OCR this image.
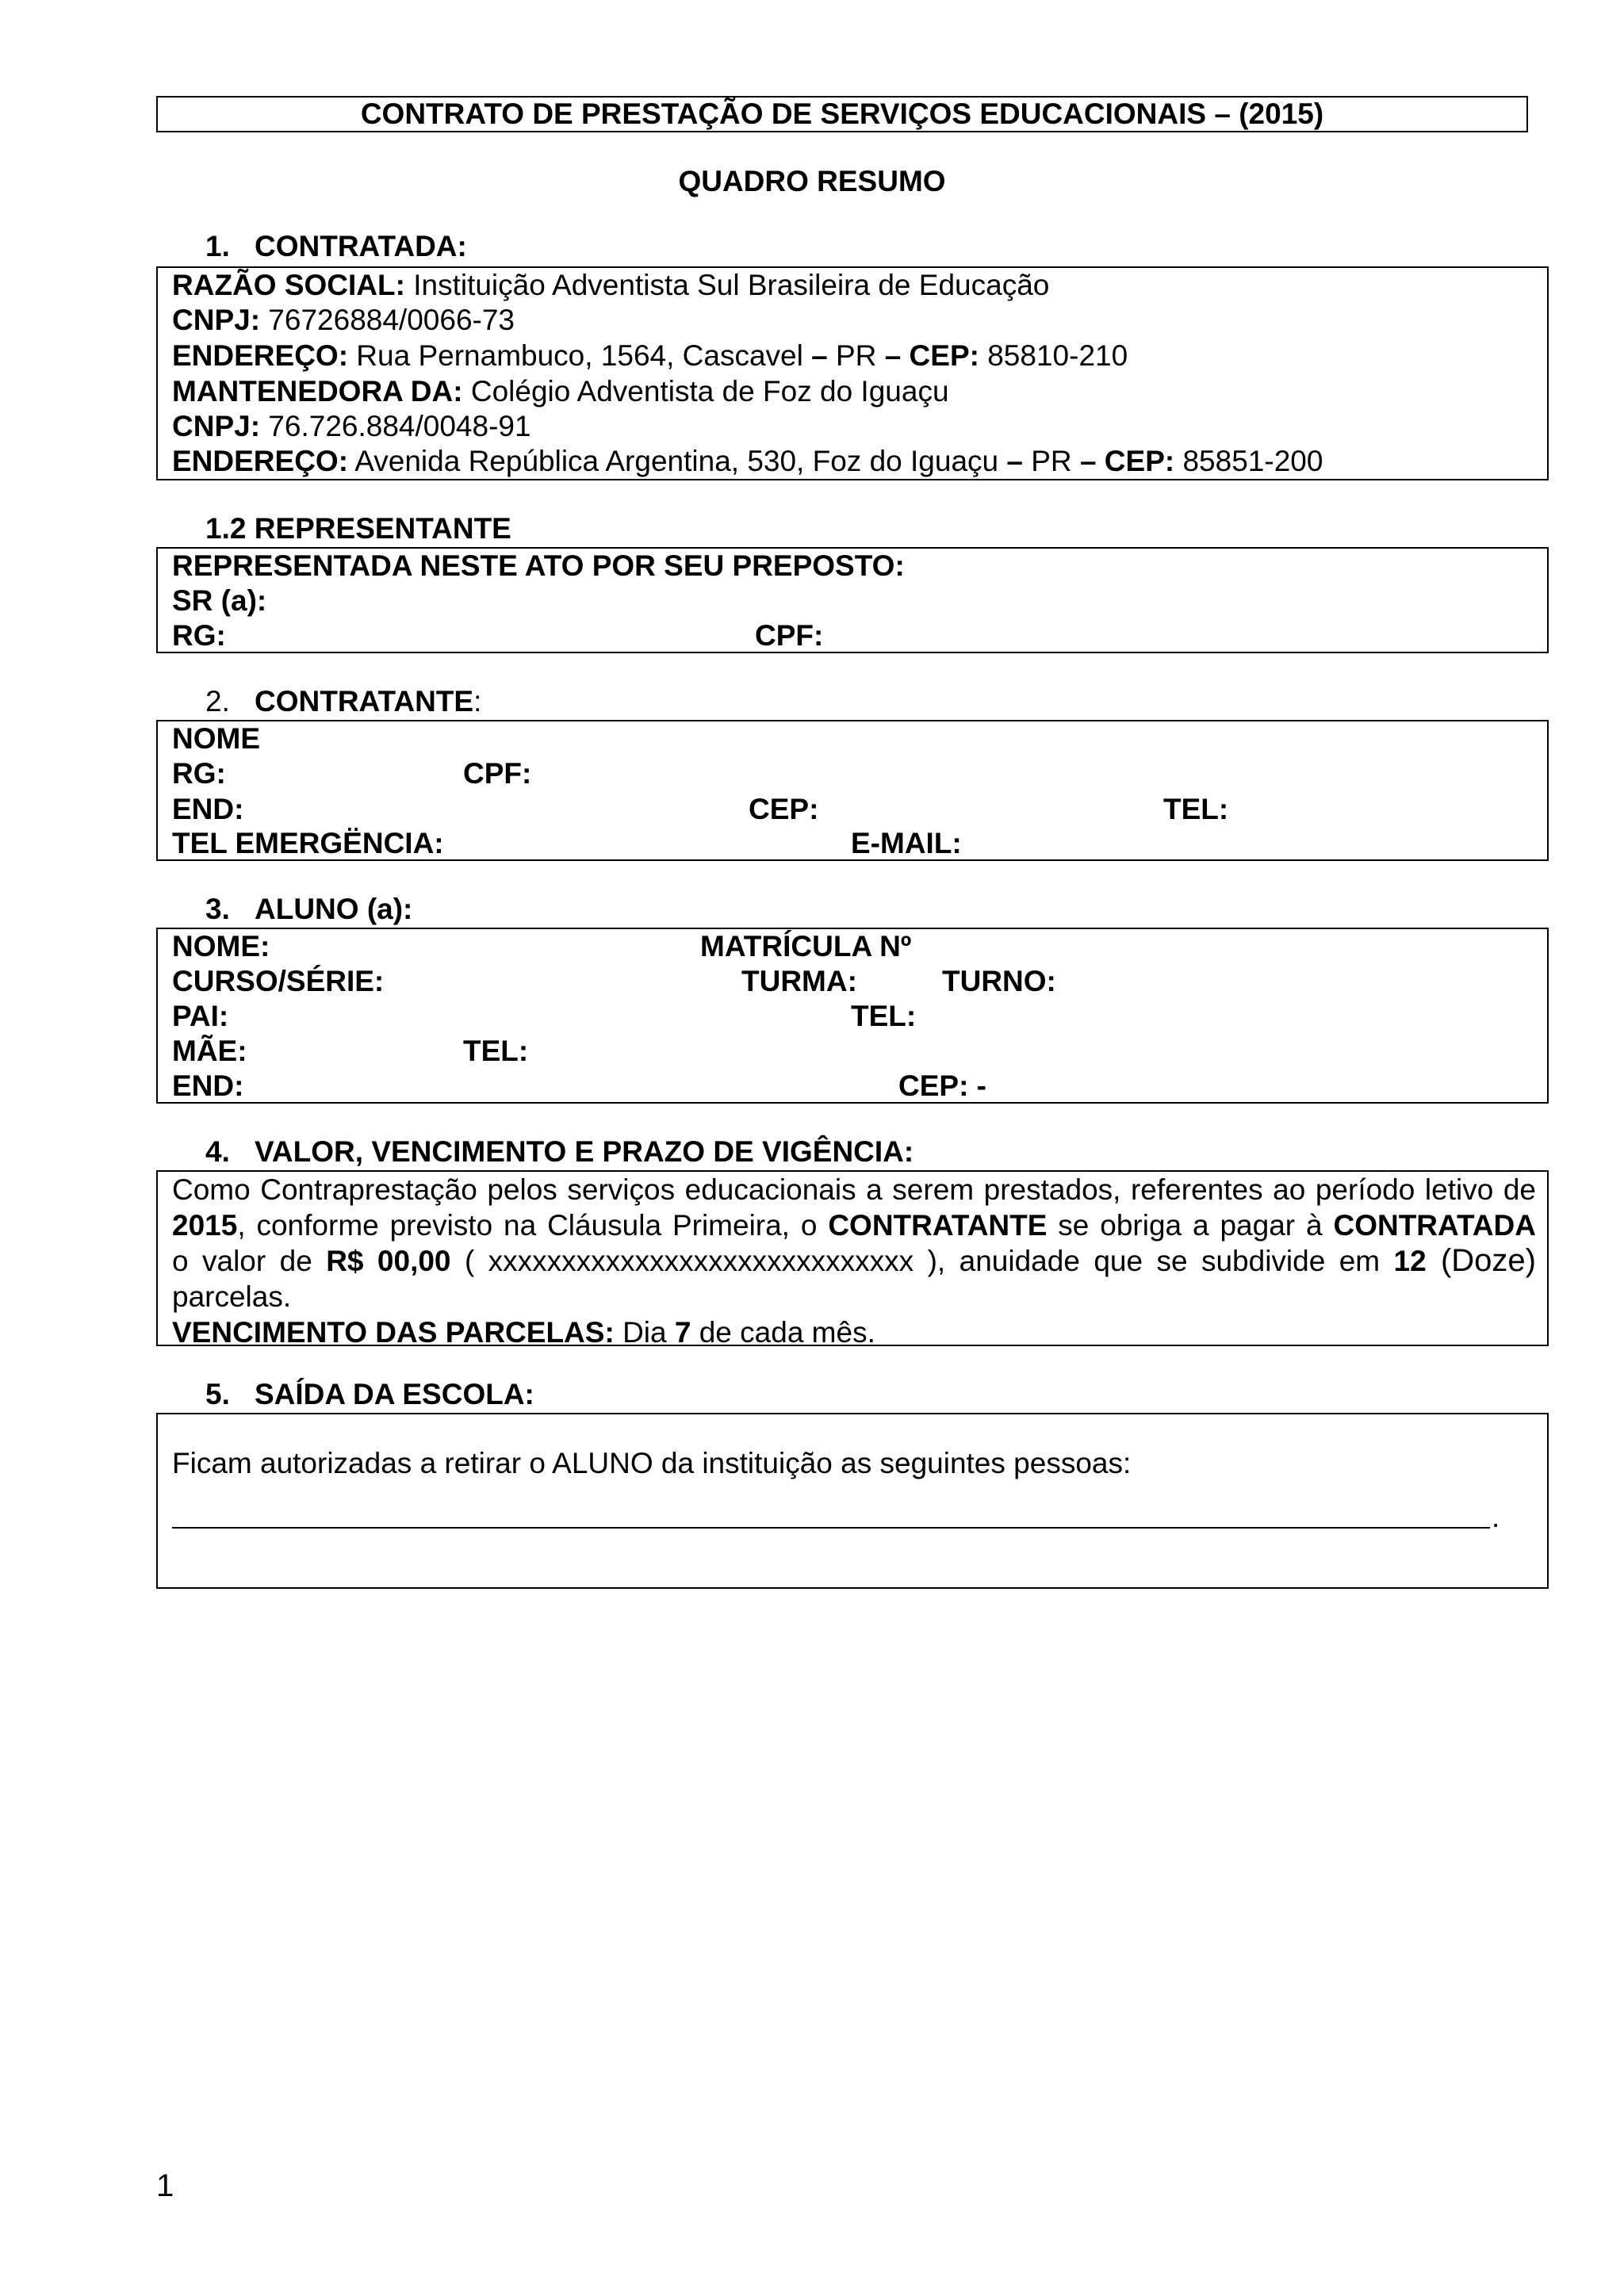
CONTRATO DE PRESTAÇÃO DE SERVIÇOS EDUCACIONAIS – (2015)
QUADRO RESUMO
1. CONTRATADA:
RAZÃO SOCIAL: Instituição Adventista Sul Brasileira de Educação
CNPJ: 76726884/0066-73
ENDEREÇO: Rua Pernambuco, 1564, Cascavel – PR – CEP: 85810-210
MANTENEDORA DA: Colégio Adventista de Foz do Iguaçu
CNPJ: 76.726.884/0048-91
ENDEREÇO: Avenida República Argentina, 530, Foz do Iguaçu – PR – CEP: 85851-200
1.2 REPRESENTANTE
REPRESENTADA NESTE ATO POR SEU PREPOSTO:
SR (a):
RG:	CPF:
2. CONTRATANTE:
NOME
RG:	CPF:
END:	CEP:	TEL:
TEL EMERGËNCIA:	E-MAIL:
3. ALUNO (a):
NOME:	MATRÍCULA Nº
CURSO/SÉRIE:	TURMA:	TURNO:
PAI:	TEL:
MÃE:	TEL:
END:	CEP: -
4. VALOR, VENCIMENTO E PRAZO DE VIGÊNCIA:
Como Contraprestação pelos serviços educacionais a serem prestados, referentes ao período letivo de
2015, conforme previsto na Cláusula Primeira, o CONTRATANTE se obriga a pagar à CONTRATADA
o valor de R$ 00,00 ( xxxxxxxxxxxxxxxxxxxxxxxxxxxxx ), anuidade que se subdivide em 12 (Doze)
parcelas.
VENCIMENTO DAS PARCELAS: Dia 7 de cada mês.
5. SAÍDA DA ESCOLA:
Ficam autorizadas a retirar o ALUNO da instituição as seguintes pessoas:
.
1
